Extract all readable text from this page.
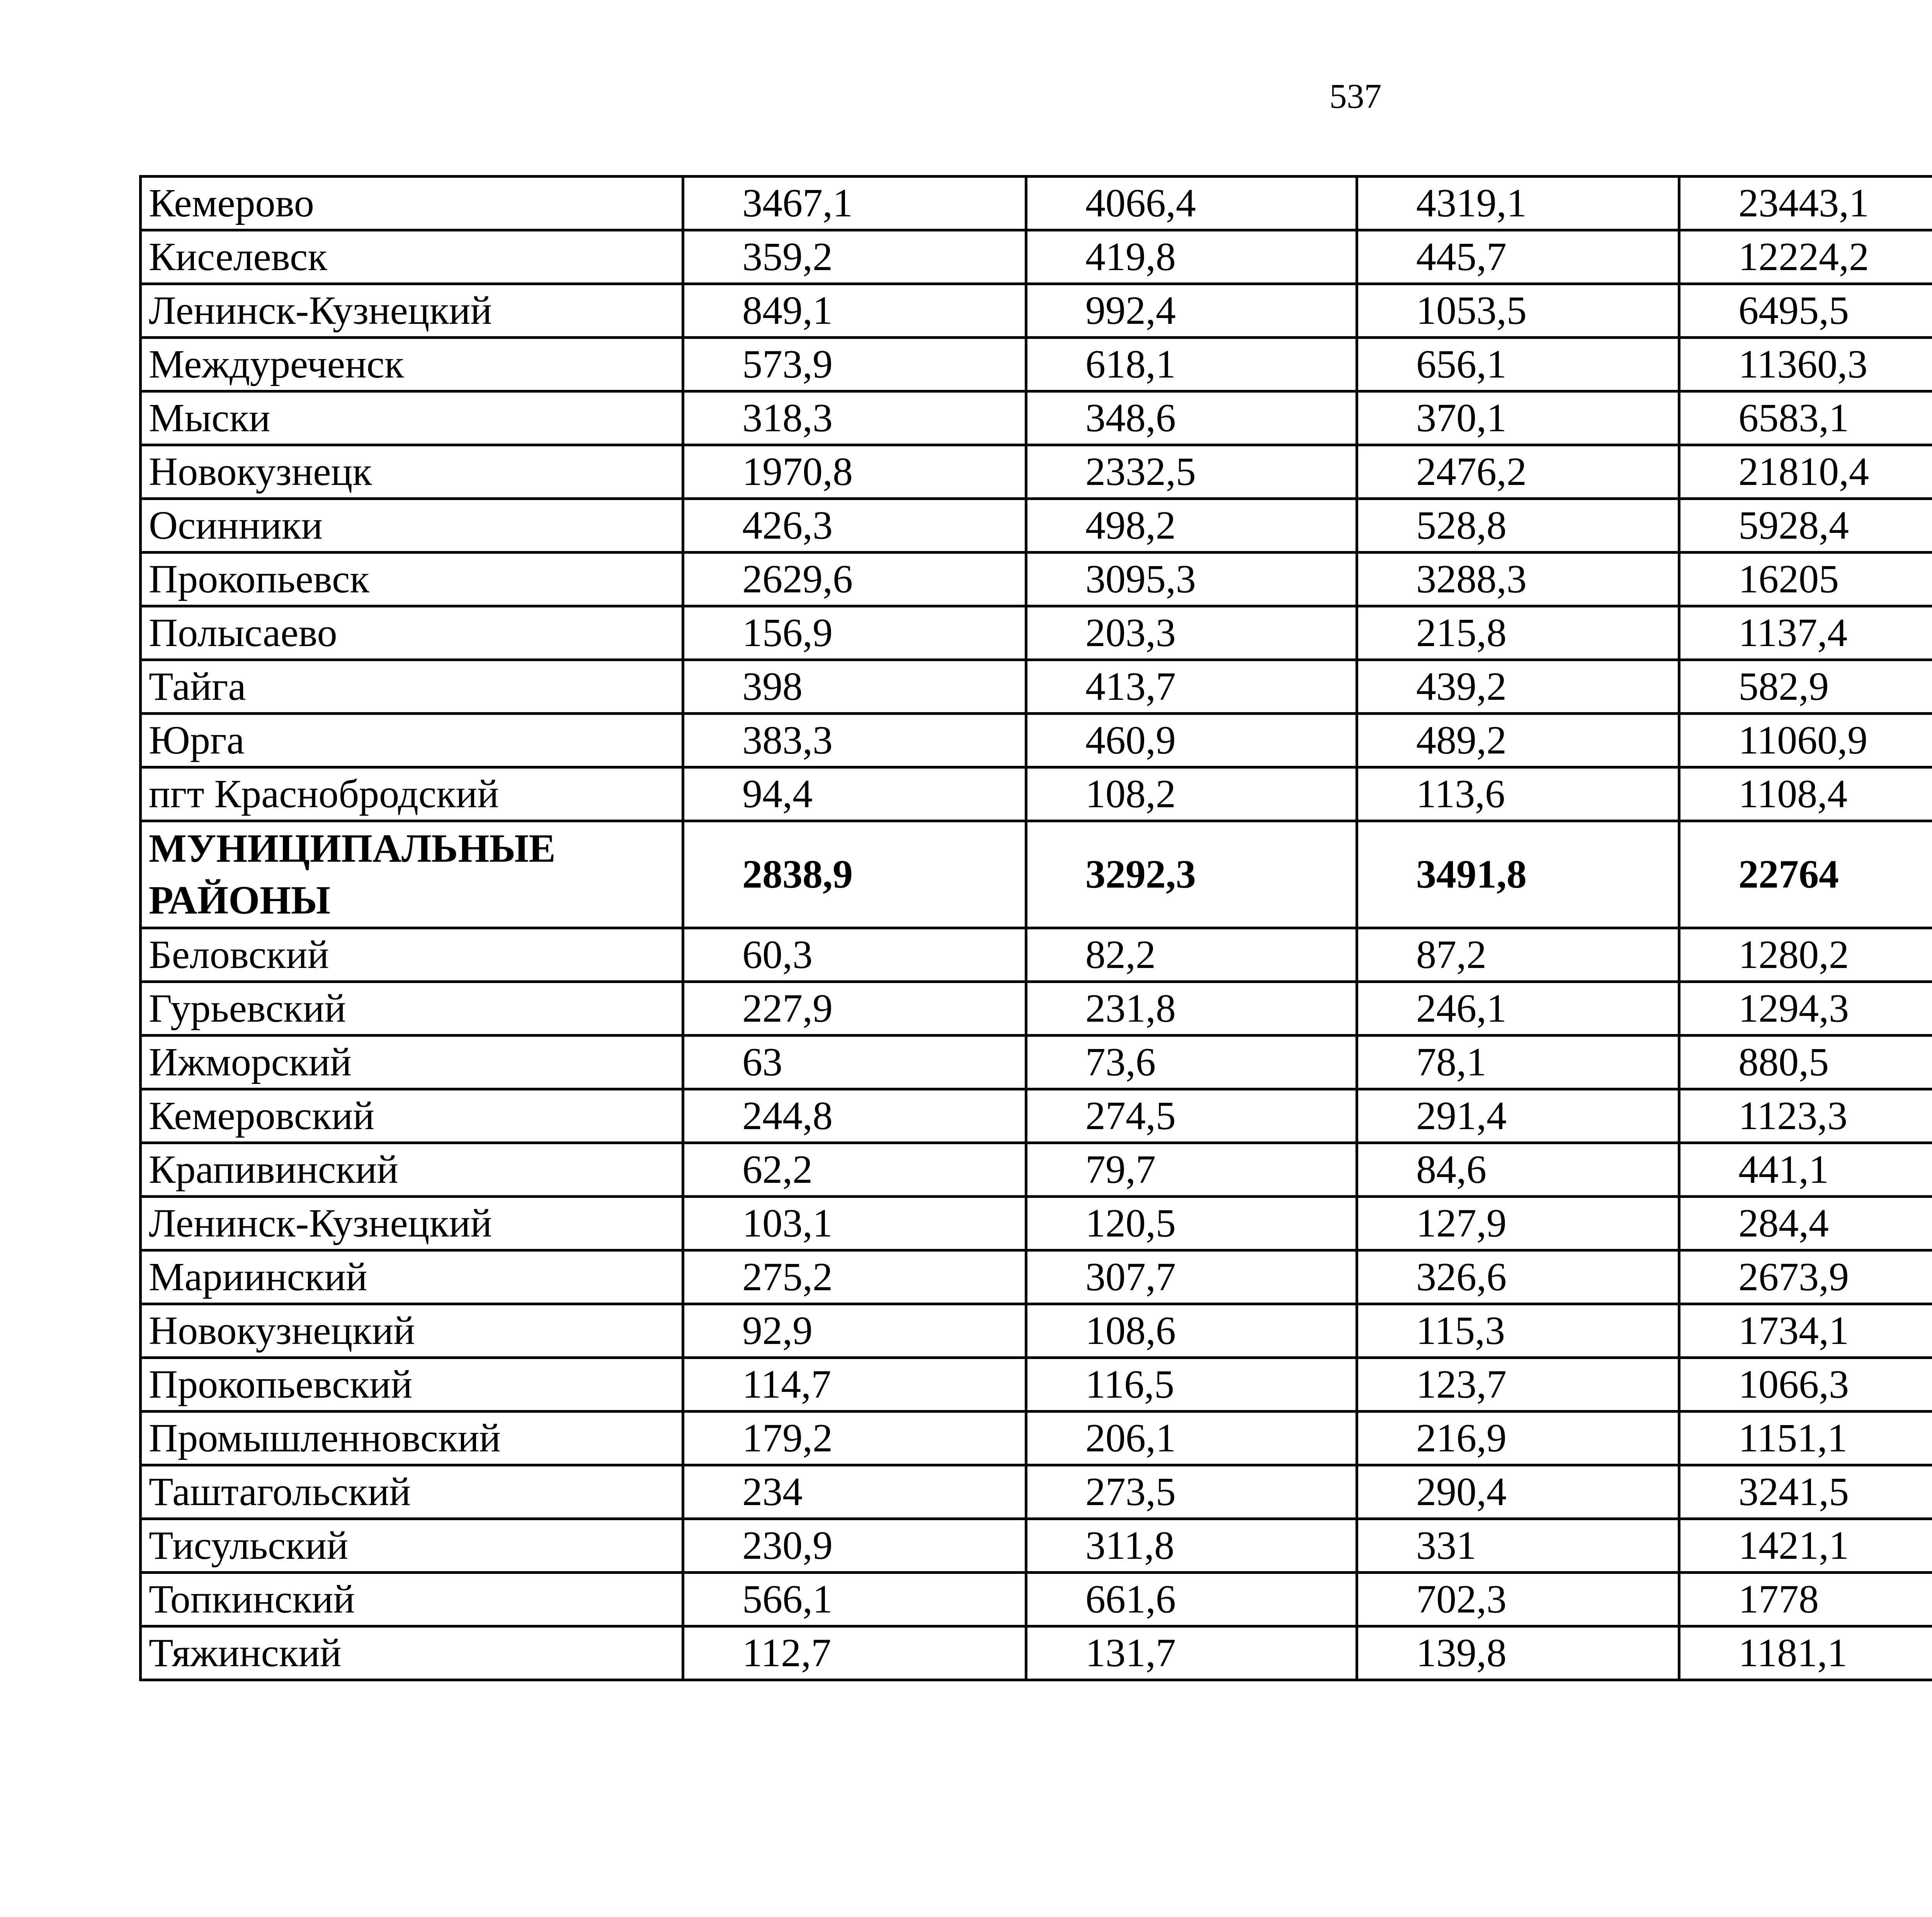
537
Кемерово	3467,1	4066,4	4319,1	23443,1		
Киселевск	359,2	419,8	445,7	12224,2		
Ленинск-Кузнецкий	849,1	992,4	1053,5	6495,5		
Междуреченск	573,9	618,1	656,1	11360,3		
Мыски	318,3	348,6	370,1	6583,1		
Новокузнецк	1970,8	2332,5	2476,2	21810,4		
Осинники	426,3	498,2	528,8	5928,4		
Прокопьевск	2629,6	3095,3	3288,3	16205		
Полысаево	156,9	203,3	215,8	1137,4		
Тайга	398	413,7	439,2	582,9		
Юрга	383,3	460,9	489,2	11060,9		
пгт Краснобродский	94,4	108,2	113,6	1108,4		
МУНИЦИПАЛЬНЫЕ РАЙОНЫ	2838,9	3292,3	3491,8	22764		
Беловский	60,3	82,2	87,2	1280,2		
Гурьевский	227,9	231,8	246,1	1294,3		
Ижморский	63	73,6	78,1	880,5		
Кемеровский	244,8	274,5	291,4	1123,3		
Крапивинский	62,2	79,7	84,6	441,1		
Ленинск-Кузнецкий	103,1	120,5	127,9	284,4		
Мариинский	275,2	307,7	326,6	2673,9		
Новокузнецкий	92,9	108,6	115,3	1734,1		
Прокопьевский	114,7	116,5	123,7	1066,3		
Промышленновский	179,2	206,1	216,9	1151,1		
Таштагольский	234	273,5	290,4	3241,5		
Тисульский	230,9	311,8	331	1421,1		
Топкинский	566,1	661,6	702,3	1778		
Тяжинский	112,7	131,7	139,8	1181,1		
